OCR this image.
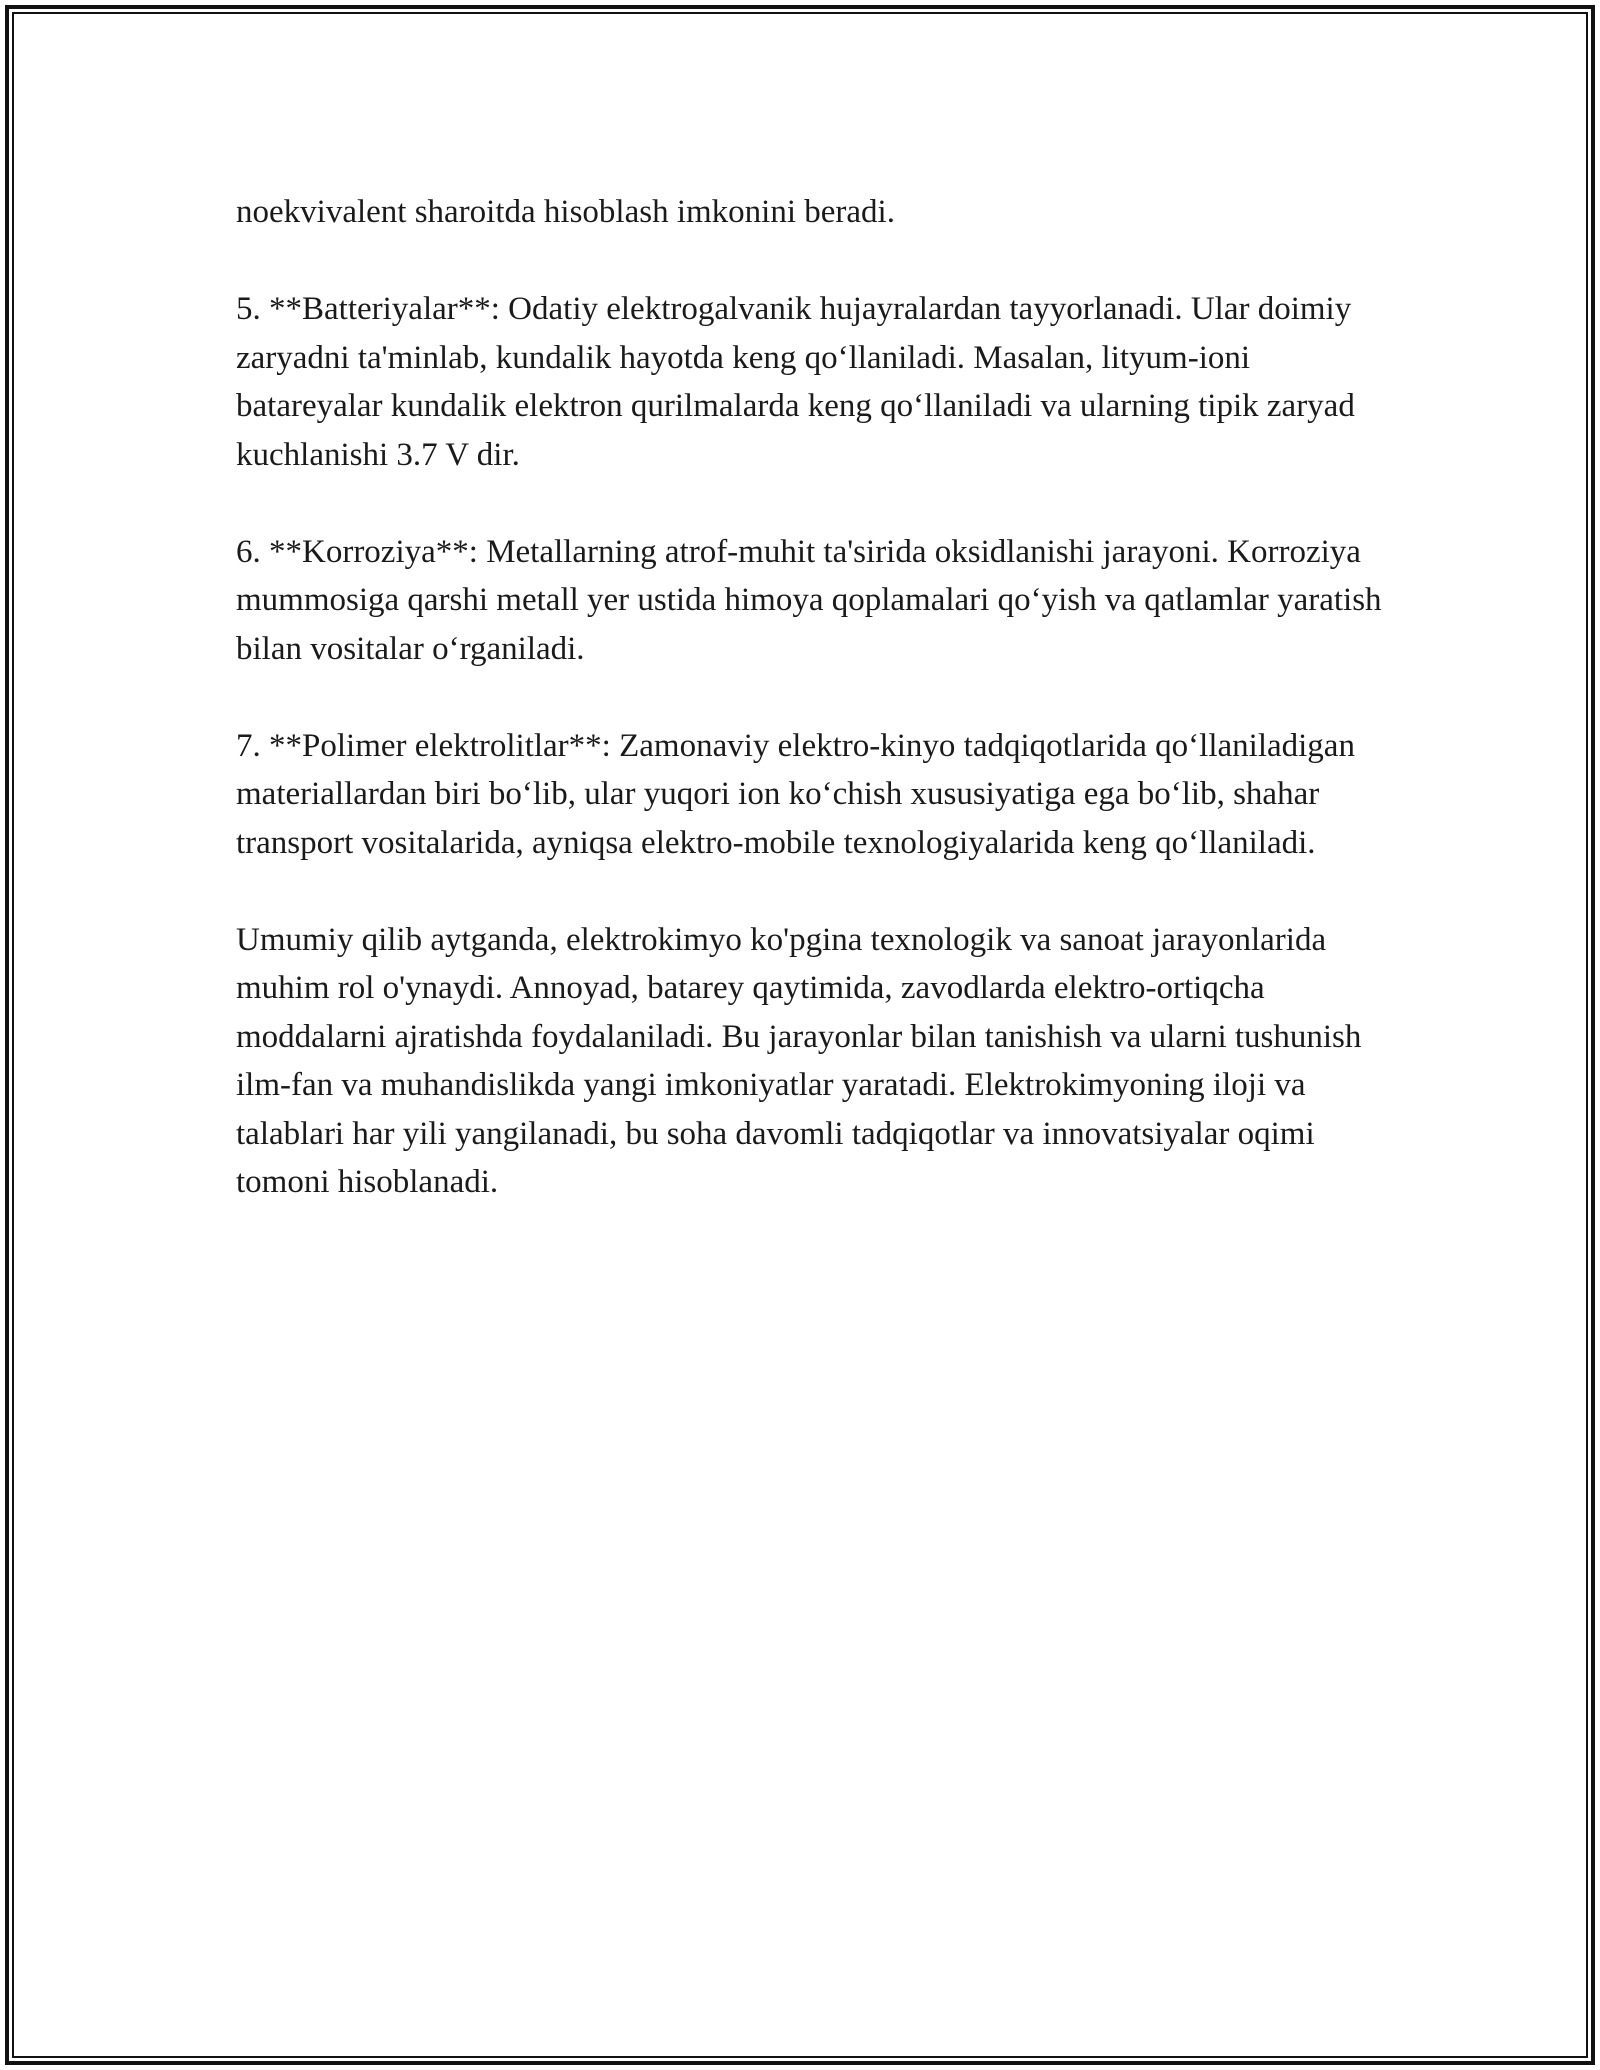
noekvivalent sharoitda hisoblash imkonini beradi.

5. **Batteriyalar**: Odatiy elektrogalvanik hujayralardan tayyorlanadi. Ular doimiy zaryadni ta'minlab, kundalik hayotda keng qo‘llaniladi. Masalan, lityum-ioni batareyalar kundalik elektron qurilmalarda keng qo‘llaniladi va ularning tipik zaryad kuchlanishi 3.7 V dir.

6. **Korroziya**: Metallarning atrof-muhit ta'sirida oksidlanishi jarayoni. Korroziya mummosiga qarshi metall yer ustida himoya qoplamalari qo‘yish va qatlamlar yaratish bilan vositalar o‘rganiladi.

7. **Polimer elektrolitlar**: Zamonaviy elektro-kinyo tadqiqotlarida qo‘llaniladigan materiallardan biri bo‘lib, ular yuqori ion ko‘chish xususiyatiga ega bo‘lib, shahar transport vositalarida, ayniqsa elektro-mobile texnologiyalarida keng qo‘llaniladi.

Umumiy qilib aytganda, elektrokimyo ko'pgina texnologik va sanoat jarayonlarida muhim rol o'ynaydi. Annoyad, batarey qaytimida, zavodlarda elektro-ortiqcha moddalarni ajratishda foydalaniladi. Bu jarayonlar bilan tanishish va ularni tushunish ilm-fan va muhandislikda yangi imkoniyatlar yaratadi. Elektrokimyoning iloji va talablari har yili yangilanadi, bu soha davomli tadqiqotlar va innovatsiyalar oqimi tomoni hisoblanadi.
